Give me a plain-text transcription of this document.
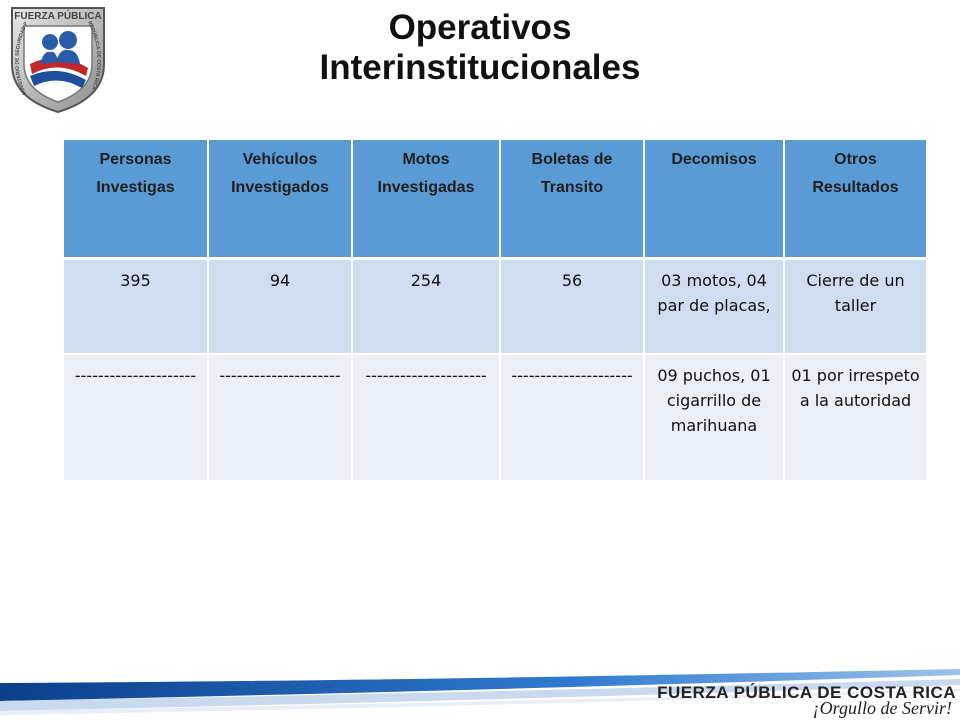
FUERZA PÚBLICA
MINISTERIO DE SEGURIDAD P	REPÚBLICA DE COSTA RICA
Operativos
Interinstitucionales
Personas Investigas	Vehículos Investigados	Motos Investigadas	Boletas de Transito	Decomisos	Otros Resultados
395	94	254	56	03 motos, 04 par de placas,	Cierre de un taller
---------------------	---------------------	---------------------	---------------------	09 puchos, 01 cigarrillo de marihuana	01 por irrespeto a la autoridad
FUERZA PÚBLICA DE COSTA RICA
¡Orgullo de Servir!
